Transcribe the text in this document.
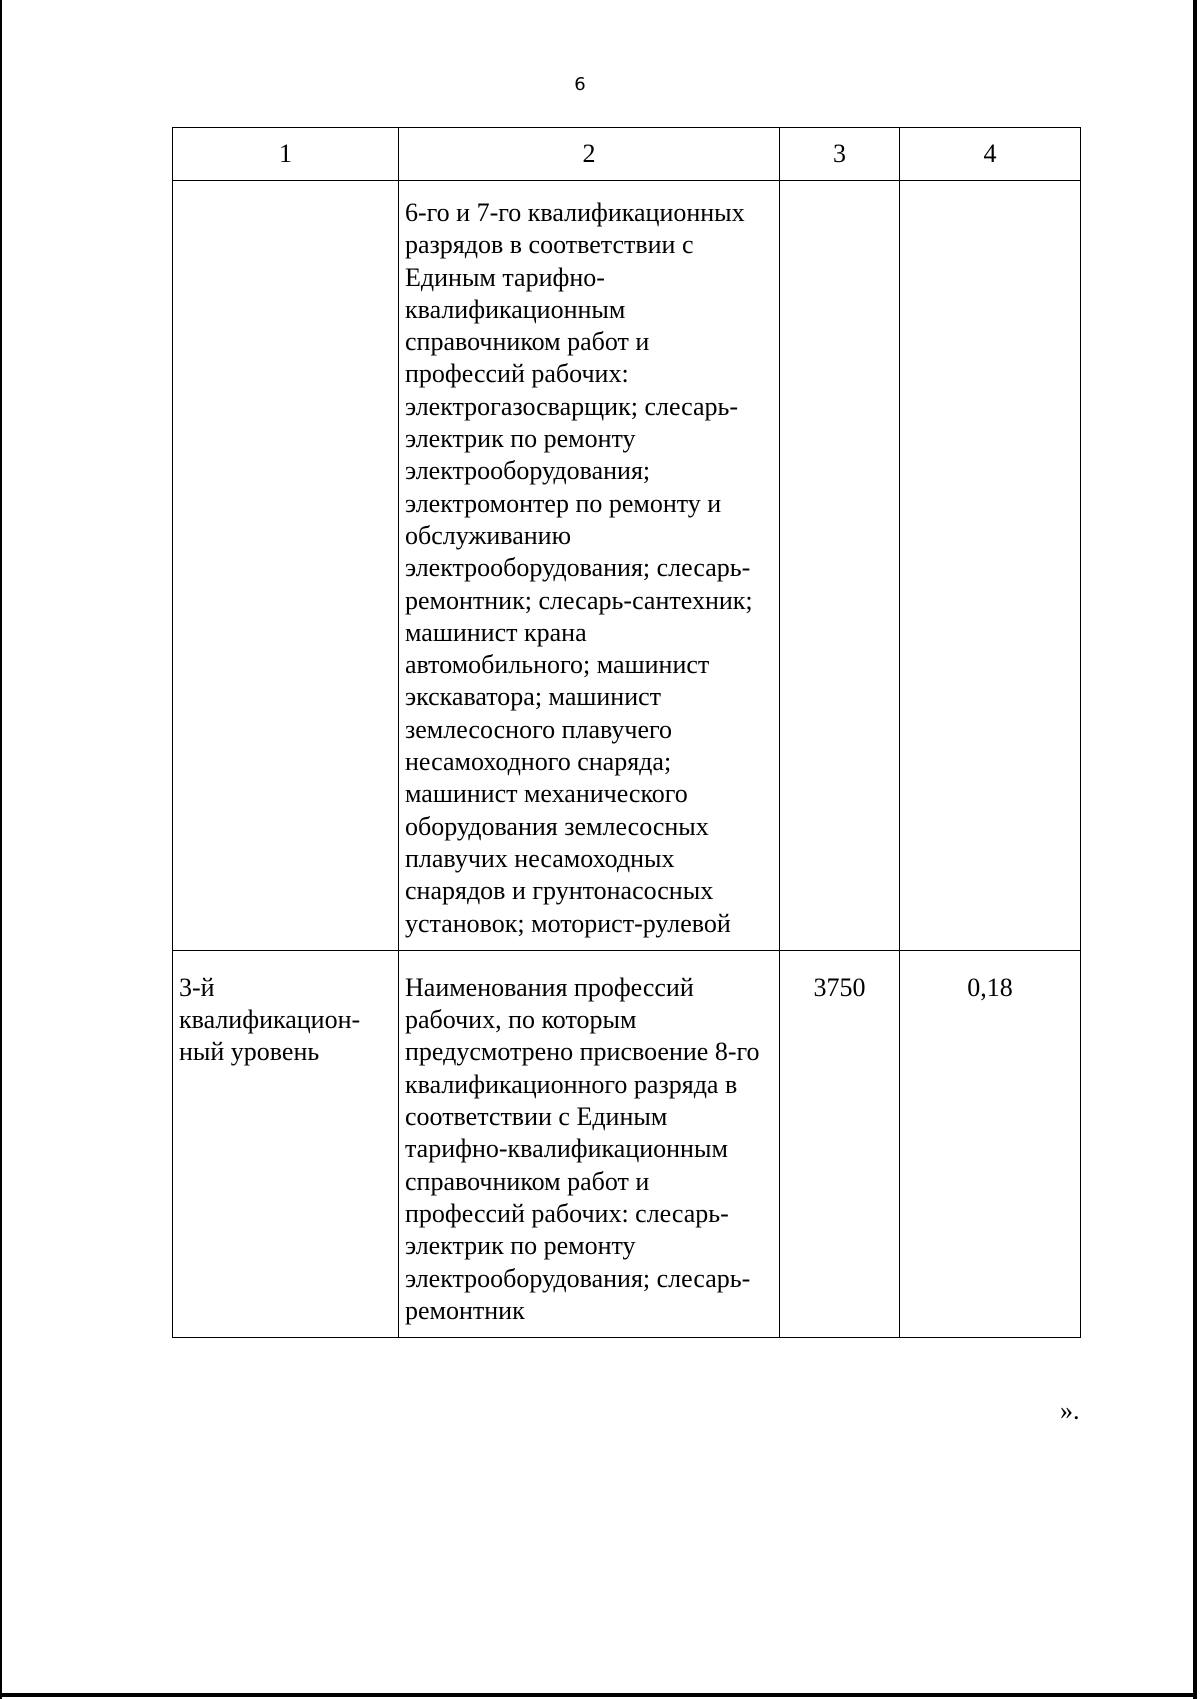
6
1	2	3	4
	6-го и 7-го квалификационных разрядов в соответствии с Единым тарифно-квалификационным справочником работ и профессий рабочих: электрогазосварщик; слесарь-электрик по ремонту электрооборудования; электромонтер по ремонту и обслуживанию электрооборудования; слесарь-ремонтник; слесарь-сантехник; машинист крана автомобильного; машинист экскаватора; машинист землесосного плавучего несамоходного снаряда; машинист механического оборудования землесосных плавучих несамоходных снарядов и грунтонасосных установок; моторист-рулевой		
3-й квалификацион-ный уровень	Наименования профессий рабочих, по которым предусмотрено присвоение 8-го квалификационного разряда в соответствии с Единым тарифно-квалификационным справочником работ и профессий рабочих: слесарь-электрик по ремонту электрооборудования; слесарь-ремонтник	3750	0,18
».
